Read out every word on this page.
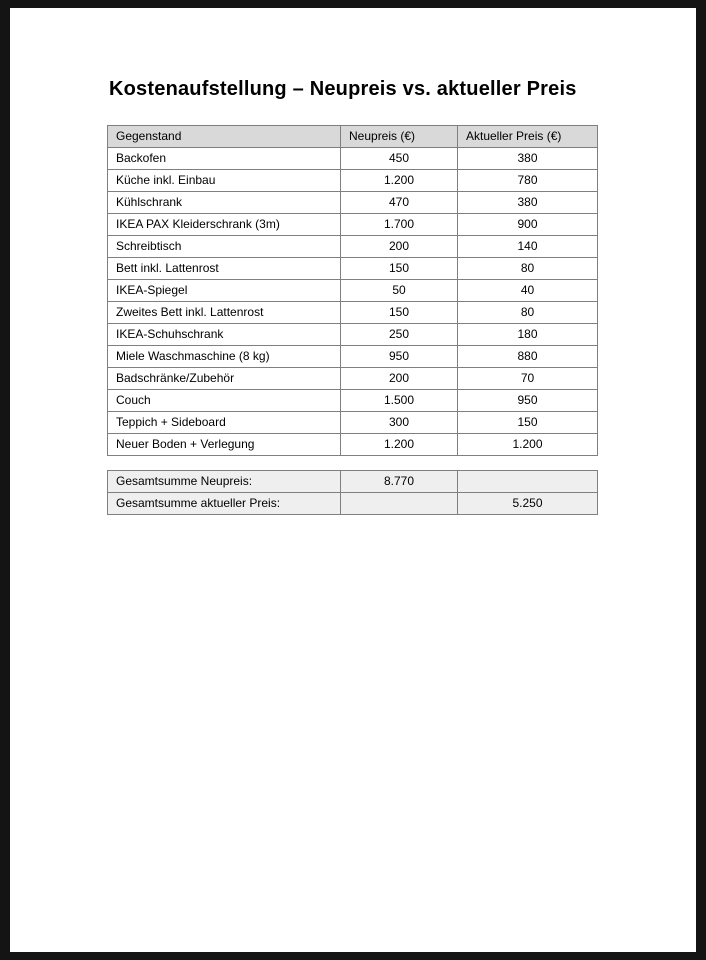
Kostenaufstellung – Neupreis vs. aktueller Preis
Gegenstand	Neupreis (€)	Aktueller Preis (€)
Backofen	450	380
Küche inkl. Einbau	1.200	780
Kühlschrank	470	380
IKEA PAX Kleiderschrank (3m)	1.700	900
Schreibtisch	200	140
Bett inkl. Lattenrost	150	80
IKEA-Spiegel	50	40
Zweites Bett inkl. Lattenrost	150	80
IKEA-Schuhschrank	250	180
Miele Waschmaschine (8 kg)	950	880
Badschränke/Zubehör	200	70
Couch	1.500	950
Teppich + Sideboard	300	150
Neuer Boden + Verlegung	1.200	1.200

Gesamtsumme Neupreis:	8.770	
Gesamtsumme aktueller Preis:		5.250
